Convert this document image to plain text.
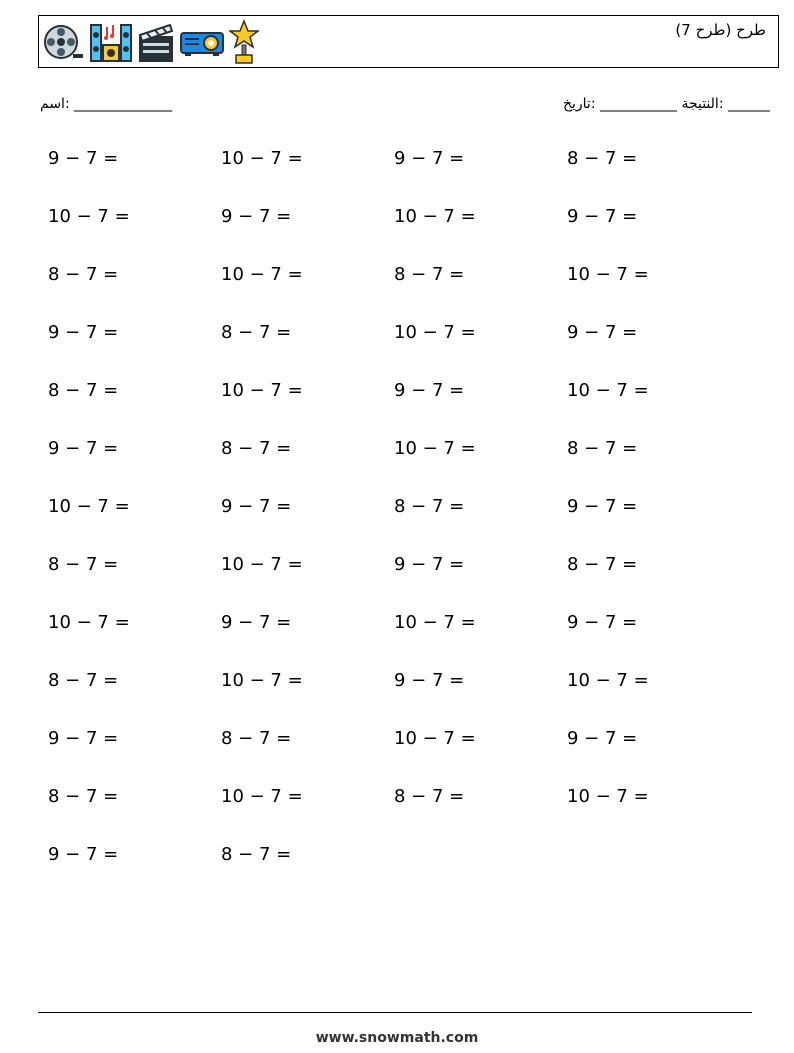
طرح (طرح 7)
اسم: ______________	النتيجة ___________ :تاريخ: ______
9 − 7 =	10 − 7 =	9 − 7 =	8 − 7 =
10 − 7 =	9 − 7 =	10 − 7 =	9 − 7 =
8 − 7 =	10 − 7 =	8 − 7 =	10 − 7 =
9 − 7 =	8 − 7 =	10 − 7 =	9 − 7 =
8 − 7 =	10 − 7 =	9 − 7 =	10 − 7 =
9 − 7 =	8 − 7 =	10 − 7 =	8 − 7 =
10 − 7 =	9 − 7 =	8 − 7 =	9 − 7 =
8 − 7 =	10 − 7 =	9 − 7 =	8 − 7 =
10 − 7 =	9 − 7 =	10 − 7 =	9 − 7 =
8 − 7 =	10 − 7 =	9 − 7 =	10 − 7 =
9 − 7 =	8 − 7 =	10 − 7 =	9 − 7 =
8 − 7 =	10 − 7 =	8 − 7 =	10 − 7 =
9 − 7 =	8 − 7 =
www.snowmath.com
